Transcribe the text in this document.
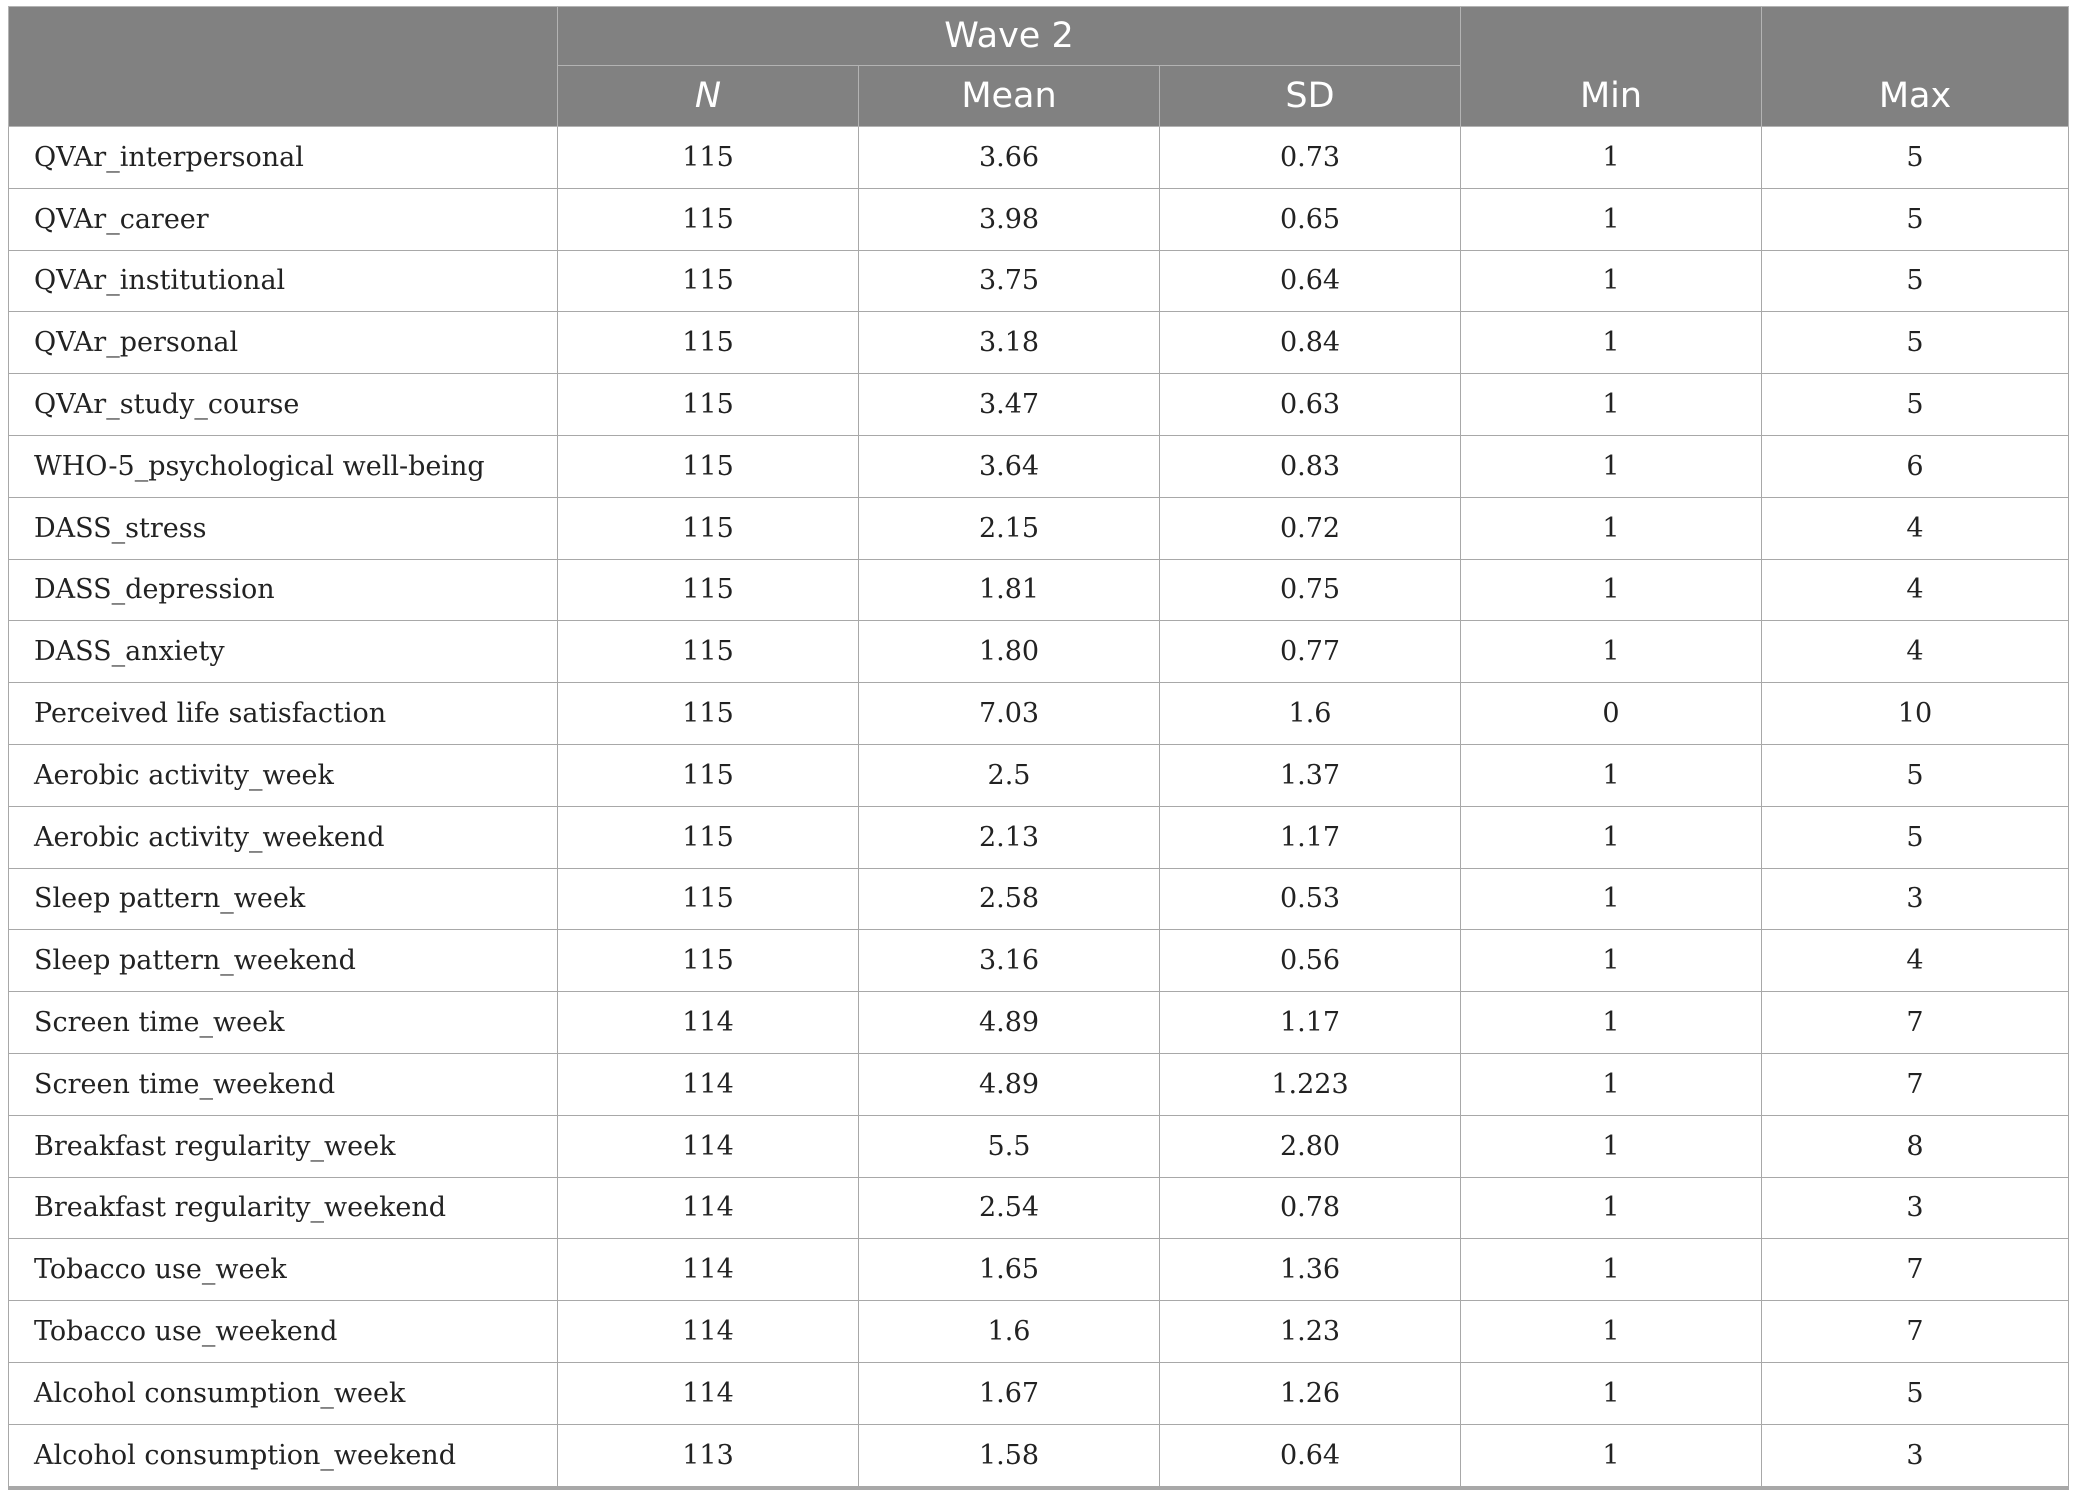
	Wave 2			Min	Max
	N	Mean	SD		
QVAr_interpersonal	115	3.66	0.73	1	5
QVAr_career	115	3.98	0.65	1	5
QVAr_institutional	115	3.75	0.64	1	5
QVAr_personal	115	3.18	0.84	1	5
QVAr_study_course	115	3.47	0.63	1	5
WHO-5_psychological well-being	115	3.64	0.83	1	6
DASS_stress	115	2.15	0.72	1	4
DASS_depression	115	1.81	0.75	1	4
DASS_anxiety	115	1.80	0.77	1	4
Perceived life satisfaction	115	7.03	1.6	0	10
Aerobic activity_week	115	2.5	1.37	1	5
Aerobic activity_weekend	115	2.13	1.17	1	5
Sleep pattern_week	115	2.58	0.53	1	3
Sleep pattern_weekend	115	3.16	0.56	1	4
Screen time_week	114	4.89	1.17	1	7
Screen time_weekend	114	4.89	1.223	1	7
Breakfast regularity_week	114	5.5	2.80	1	8
Breakfast regularity_weekend	114	2.54	0.78	1	3
Tobacco use_week	114	1.65	1.36	1	7
Tobacco use_weekend	114	1.6	1.23	1	7
Alcohol consumption_week	114	1.67	1.26	1	5
Alcohol consumption_weekend	113	1.58	0.64	1	3
